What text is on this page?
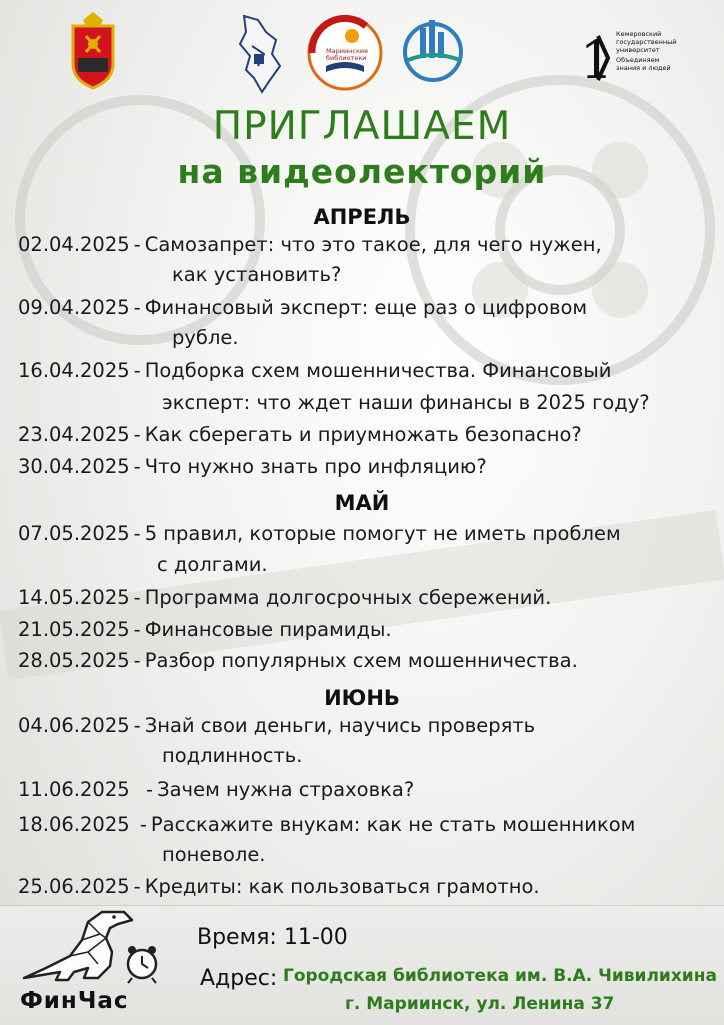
Мариинские библиотеки	1 Кемеровский
государственный
университет
Объединяем
знания и людей
ПРИГЛАШАЕМ
на видеолекторий
АПРЕЛЬ
02.04.2025 - Самозапрет: что это такое, для чего нужен,
как установить?
09.04.2025 - Финансовый эксперт: еще раз о цифровом
рубле.
16.04.2025 - Подборка схем мошенничества. Финансовый
эксперт: что ждет наши финансы в 2025 году?
23.04.2025 - Как сберегать и приумножать безопасно?
30.04.2025 - Что нужно знать про инфляцию?
МАЙ
07.05.2025 - 5 правил, которые помогут не иметь проблем
с долгами.
14.05.2025 - Программа долгосрочных сбережений.
21.05.2025 - Финансовые пирамиды.
28.05.2025 - Разбор популярных схем мошенничества.
ИЮНЬ
04.06.2025 - Знай свои деньги, научись проверять
подлинность.
11.06.2025  - Зачем нужна страховка?
18.06.2025 - Расскажите внукам: как не стать мошенником
поневоле.
25.06.2025 - Кредиты: как пользоваться грамотно.
ФинЧас
Время: 11-00
Адрес: Городская библиотека им. В.А. Чивилихина
г. Мариинск, ул. Ленина 37
